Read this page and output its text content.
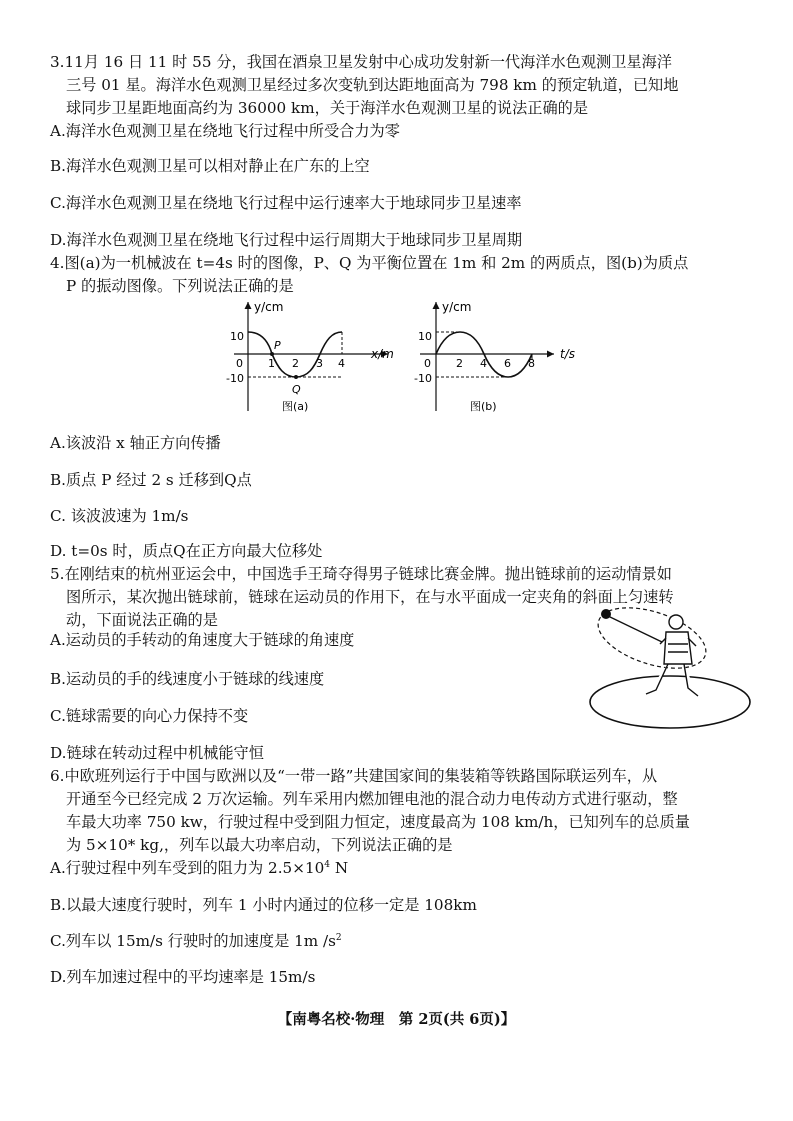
3.11月 16 日 11 时 55 分，我国在酒泉卫星发射中心成功发射新一代海洋水色观测卫星海洋
三号 01 星。海洋水色观测卫星经过多次变轨到达距地面高为 798 km 的预定轨道，已知地
球同步卫星距地面高约为 36000 km，关于海洋水色观测卫星的说法正确的是
A.海洋水色观测卫星在绕地飞行过程中所受合力为零
B.海洋水色观测卫星可以相对静止在广东的上空
C.海洋水色观测卫星在绕地飞行过程中运行速率大于地球同步卫星速率
D.海洋水色观测卫星在绕地飞行过程中运行周期大于地球同步卫星周期
4.图(a)为一机械波在 t=4s 时的图像，P、Q 为平衡位置在 1m 和 2m 的两质点，图(b)为质点
P 的振动图像。下列说法正确的是
y/cm
x/m
10
0
-10
P
Q
1 2 3 4
图(a)
y/cm
t/s
10
0
-10
2 4 6 8
图(b)
A.该波沿 x 轴正方向传播
B.质点 P 经过 2 s 迁移到Q点
C. 该波波速为 1m/s
D. t=0s 时，质点Q在正方向最大位移处
5.在刚结束的杭州亚运会中，中国选手王琦夺得男子链球比赛金牌。抛出链球前的运动情景如
图所示，某次抛出链球前，链球在运动员的作用下，在与水平面成一定夹角的斜面上匀速转
动，下面说法正确的是
A.运动员的手转动的角速度大于链球的角速度
B.运动员的手的线速度小于链球的线速度
C.链球需要的向心力保持不变
D.链球在转动过程中机械能守恒
6.中欧班列运行于中国与欧洲以及“一带一路”共建国家间的集装箱等铁路国际联运列车，从
开通至今已经完成 2 万次运输。列车采用内燃加锂电池的混合动力电传动方式进行驱动，整
车最大功率 750 kw，行驶过程中受到阻力恒定，速度最高为 108 km/h，已知列车的总质量
为 5×10* kg,，列车以最大功率启动，下列说法正确的是
A.行驶过程中列车受到的阻力为 $2.5\times 10^4$ N
B.以最大速度行驶时，列车 1 小时内通过的位移一定是 108km
C.列车以 15m/s 行驶时的加速度是 1m $/s^2$
D.列车加速过程中的平均速率是 15m/s
【南粤名校·物理　第 2页(共 6页)】
